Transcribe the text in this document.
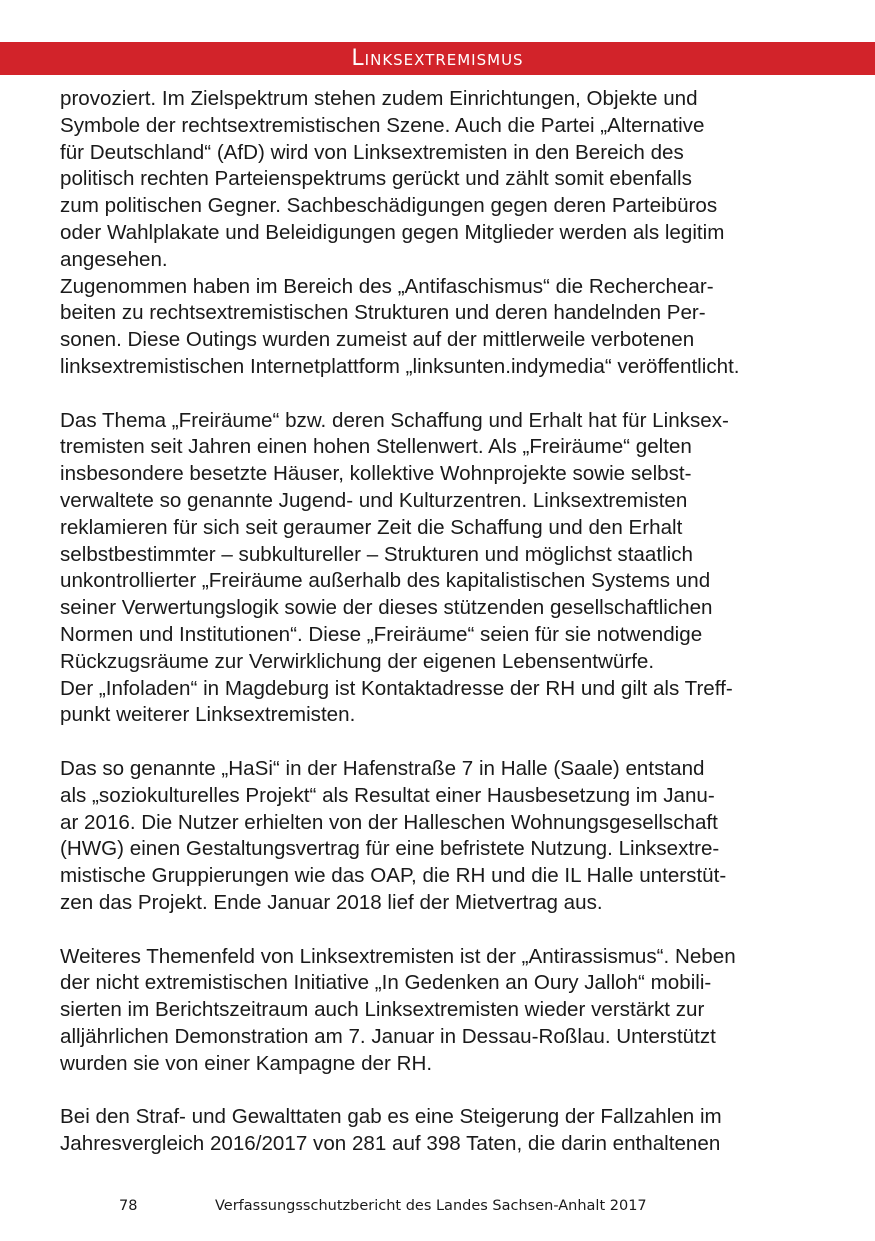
Linksextremismus
provoziert. Im Zielspektrum stehen zudem Einrichtungen, Objekte und
Symbole der rechtsextremistischen Szene. Auch die Partei „Alternative
für Deutschland“ (AfD) wird von Linksextremisten in den Bereich des
politisch rechten Parteienspektrums gerückt und zählt somit ebenfalls
zum politischen Gegner. Sachbeschädigungen gegen deren Parteibüros
oder Wahlplakate und Beleidigungen gegen Mitglieder werden als legitim
angesehen.
Zugenommen haben im Bereich des „Antifaschismus“ die Recherchear-
beiten zu rechtsextremistischen Strukturen und deren handelnden Per-
sonen. Diese Outings wurden zumeist auf der mittlerweile verbotenen
linksextremistischen Internetplattform „linksunten.indymedia“ veröffentlicht.
Das Thema „Freiräume“ bzw. deren Schaffung und Erhalt hat für Linksex-
tremisten seit Jahren einen hohen Stellenwert. Als „Freiräume“ gelten
insbesondere besetzte Häuser, kollektive Wohnprojekte sowie selbst-
verwaltete so genannte Jugend- und Kulturzentren. Linksextremisten
reklamieren für sich seit geraumer Zeit die Schaffung und den Erhalt
selbstbestimmter – subkultureller – Strukturen und möglichst staatlich
unkontrollierter „Freiräume außerhalb des kapitalistischen Systems und
seiner Verwertungslogik sowie der dieses stützenden gesellschaftlichen
Normen und Institutionen“. Diese „Freiräume“ seien für sie notwendige
Rückzugsräume zur Verwirklichung der eigenen Lebensentwürfe.
Der „Infoladen“ in Magdeburg ist Kontaktadresse der RH und gilt als Treff-
punkt weiterer Linksextremisten.
Das so genannte „HaSi“ in der Hafenstraße 7 in Halle (Saale) entstand
als „soziokulturelles Projekt“ als Resultat einer Hausbesetzung im Janu-
ar 2016. Die Nutzer erhielten von der Halleschen Wohnungsgesellschaft
(HWG) einen Gestaltungsvertrag für eine befristete Nutzung. Linksextre-
mistische Gruppierungen wie das OAP, die RH und die IL Halle unterstüt-
zen das Projekt. Ende Januar 2018 lief der Mietvertrag aus.
Weiteres Themenfeld von Linksextremisten ist der „Antirassismus“. Neben
der nicht extremistischen Initiative „In Gedenken an Oury Jalloh“ mobili-
sierten im Berichtszeitraum auch Linksextremisten wieder verstärkt zur
alljährlichen Demonstration am 7. Januar in Dessau-Roßlau. Unterstützt
wurden sie von einer Kampagne der RH.
Bei den Straf- und Gewalttaten gab es eine Steigerung der Fallzahlen im
Jahresvergleich 2016/2017 von 281 auf 398 Taten, die darin enthaltenen
78	Verfassungsschutzbericht des Landes Sachsen-Anhalt 2017
